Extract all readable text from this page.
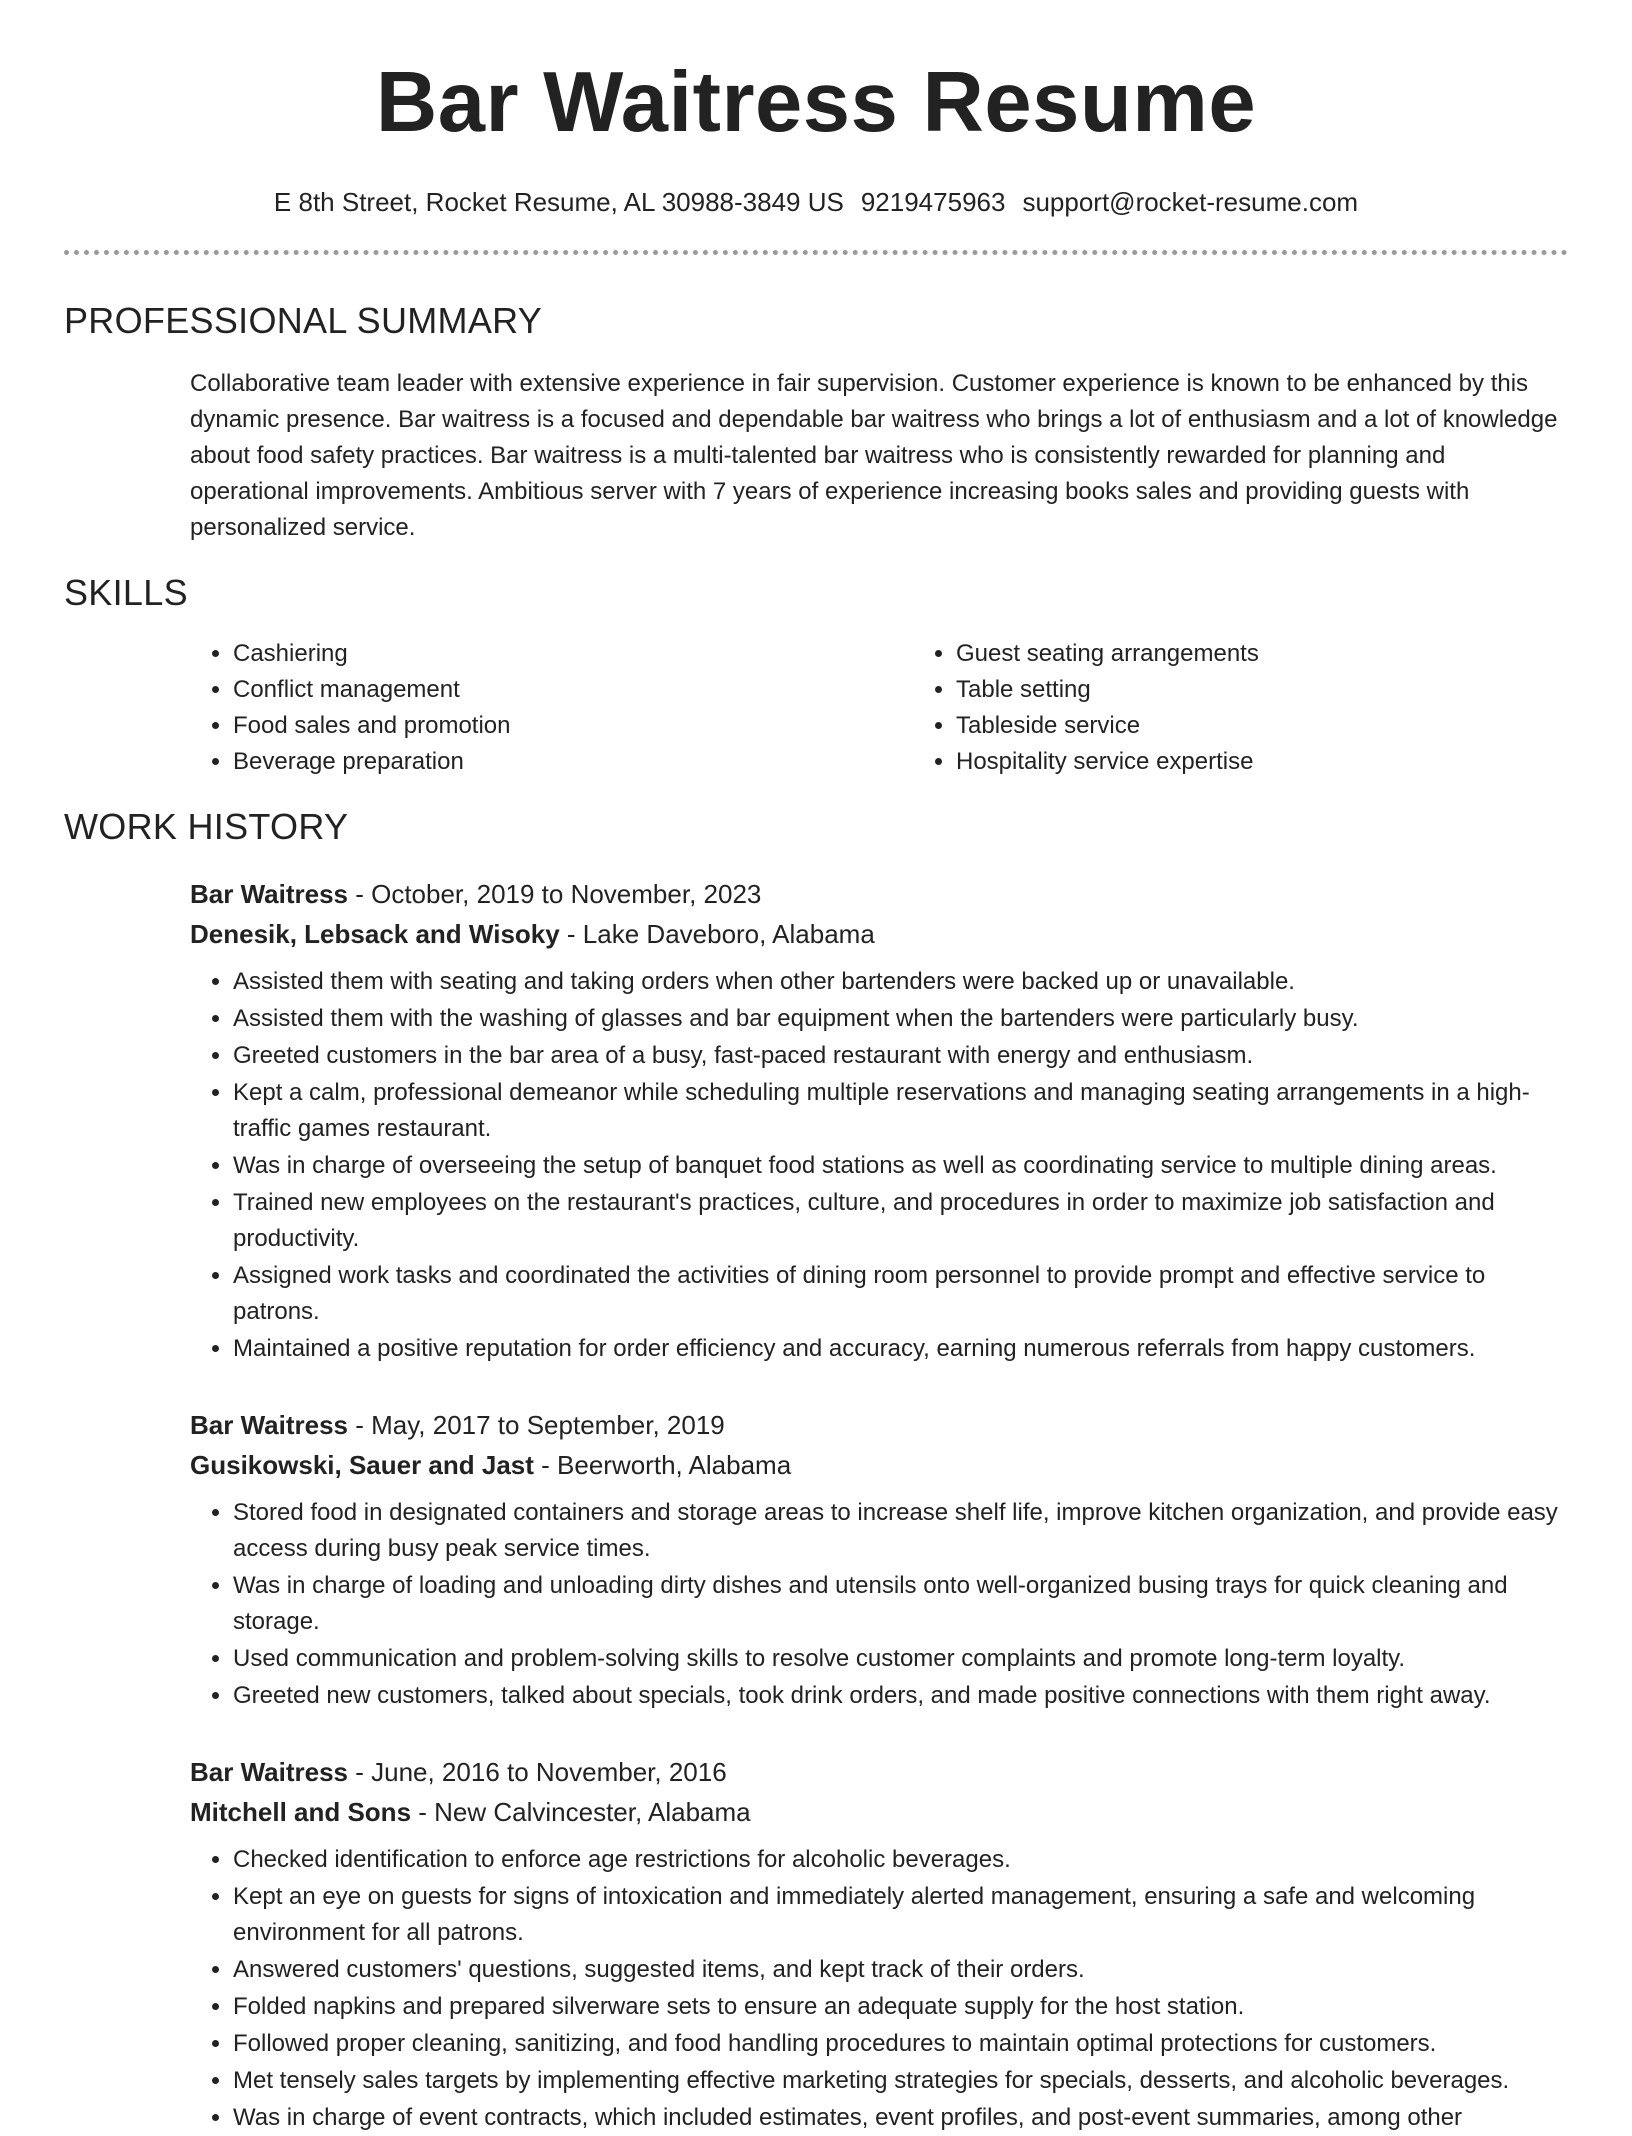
Bar Waitress Resume
E 8th Street, Rocket Resume, AL 30988-3849 US 9219475963 support@rocket-resume.com
PROFESSIONAL SUMMARY

Collaborative team leader with extensive experience in fair supervision. Customer experience is known to be enhanced by this dynamic presence. Bar waitress is a focused and dependable bar waitress who brings a lot of enthusiasm and a lot of knowledge about food safety practices. Bar waitress is a multi-talented bar waitress who is consistently rewarded for planning and operational improvements. Ambitious server with 7 years of experience increasing books sales and providing guests with personalized service.

SKILLS
• Cashiering
• Conflict management
• Food sales and promotion
• Beverage preparation
• Guest seating arrangements
• Table setting
• Tableside service
• Hospitality service expertise
WORK HISTORY
Bar Waitress - October, 2019 to November, 2023
Denesik, Lebsack and Wisoky - Lake Daveboro, Alabama
• Assisted them with seating and taking orders when other bartenders were backed up or unavailable.
• Assisted them with the washing of glasses and bar equipment when the bartenders were particularly busy.
• Greeted customers in the bar area of a busy, fast-paced restaurant with energy and enthusiasm.
• Kept a calm, professional demeanor while scheduling multiple reservations and managing seating arrangements in a high-traffic games restaurant.
• Was in charge of overseeing the setup of banquet food stations as well as coordinating service to multiple dining areas.
• Trained new employees on the restaurant's practices, culture, and procedures in order to maximize job satisfaction and productivity.
• Assigned work tasks and coordinated the activities of dining room personnel to provide prompt and effective service to patrons.
• Maintained a positive reputation for order efficiency and accuracy, earning numerous referrals from happy customers.
Bar Waitress - May, 2017 to September, 2019
Gusikowski, Sauer and Jast - Beerworth, Alabama
• Stored food in designated containers and storage areas to increase shelf life, improve kitchen organization, and provide easy access during busy peak service times.
• Was in charge of loading and unloading dirty dishes and utensils onto well-organized busing trays for quick cleaning and storage.
• Used communication and problem-solving skills to resolve customer complaints and promote long-term loyalty.
• Greeted new customers, talked about specials, took drink orders, and made positive connections with them right away.
Bar Waitress - June, 2016 to November, 2016
Mitchell and Sons - New Calvincester, Alabama
• Checked identification to enforce age restrictions for alcoholic beverages.
• Kept an eye on guests for signs of intoxication and immediately alerted management, ensuring a safe and welcoming environment for all patrons.
• Answered customers' questions, suggested items, and kept track of their orders.
• Folded napkins and prepared silverware sets to ensure an adequate supply for the host station.
• Followed proper cleaning, sanitizing, and food handling procedures to maintain optimal protections for customers.
• Met tensely sales targets by implementing effective marketing strategies for specials, desserts, and alcoholic beverages.
• Was in charge of event contracts, which included estimates, event profiles, and post-event summaries, among other
